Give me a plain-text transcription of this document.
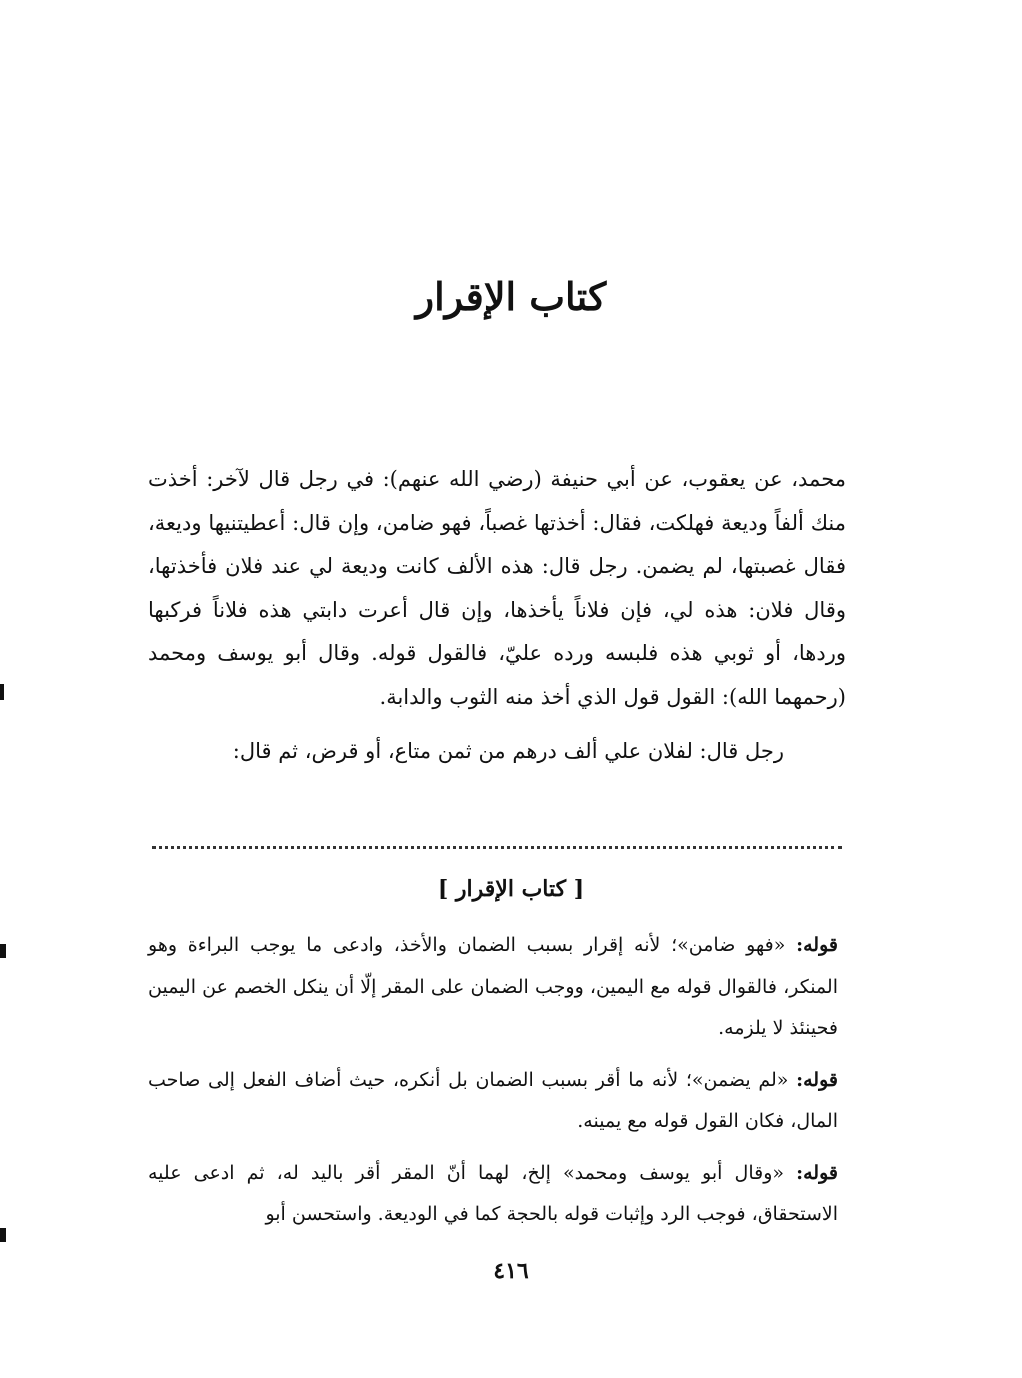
كتاب الإقرار

محمد، عن يعقوب، عن أبي حنيفة (رضي الله عنهم): في رجل قال لآخر: أخذت منك ألفاً وديعة فهلكت، فقال: أخذتها غصباً، فهو ضامن، وإن قال: أعطيتنيها وديعة، فقال غصبتها، لم يضمن. رجل قال: هذه الألف كانت وديعة لي عند فلان فأخذتها، وقال فلان: هذه لي، فإن فلاناً يأخذها، وإن قال أعرت دابتي هذه فلاناً فركبها وردها، أو ثوبي هذه فلبسه ورده عليّ، فالقول قوله. وقال أبو يوسف ومحمد (رحمهما الله): القول قول الذي أخذ منه الثوب والدابة.

رجل قال: لفلان علي ألف درهم من ثمن متاع، أو قرض، ثم قال:

[ كتاب الإقرار ]

قوله: «فهو ضامن»؛ لأنه إقرار بسبب الضمان والأخذ، وادعى ما يوجب البراءة وهو المنكر، فالقوال قوله مع اليمين، ووجب الضمان على المقر إلّا أن ينكل الخصم عن اليمين فحينئذ لا يلزمه.

قوله: «لم يضمن»؛ لأنه ما أقر بسبب الضمان بل أنكره، حيث أضاف الفعل إلى صاحب المال، فكان القول قوله مع يمينه.

قوله: «وقال أبو يوسف ومحمد» إلخ، لهما أنّ المقر أقر باليد له، ثم ادعى عليه الاستحقاق، فوجب الرد وإثبات قوله بالحجة كما في الوديعة. واستحسن أبو

٤١٦
